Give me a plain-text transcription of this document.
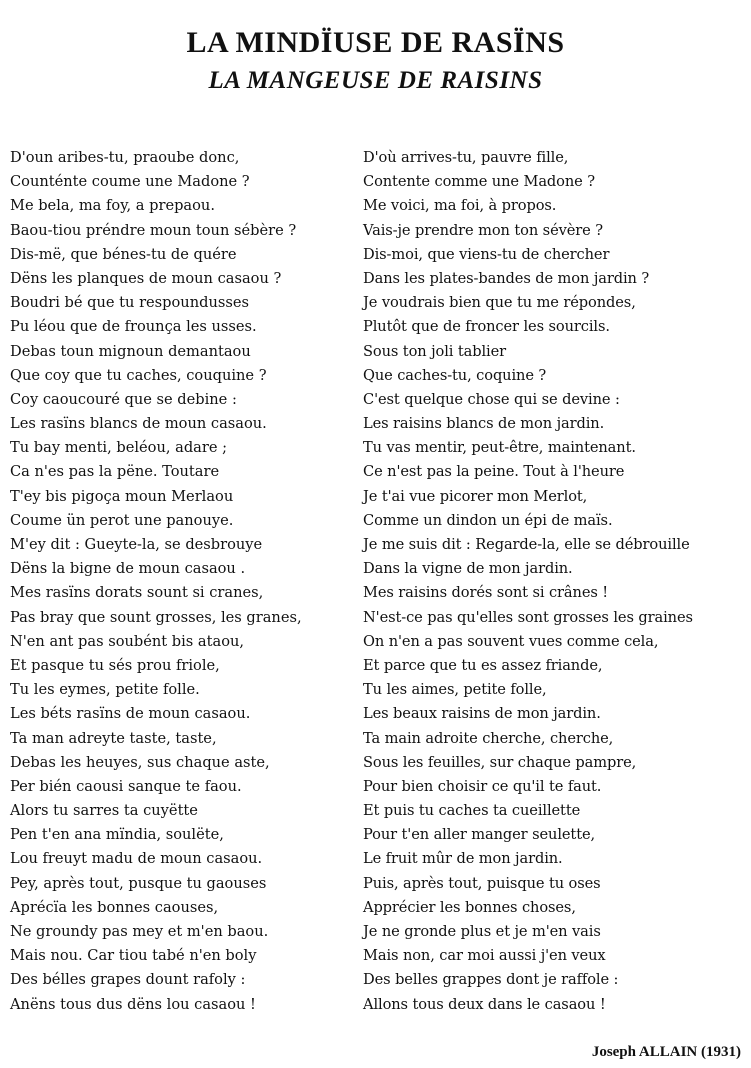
LA MINDÏUSE DE RASÏNS
LA MANGEUSE DE RAISINS
D'oun aribes-tu, praoube donc,
Counténte coume une Madone ?
Me bela, ma foy, a prepaou.
Baou-tiou préndre moun toun sébère ?
Dis-më, que bénes-tu de quére
Dëns les planques de moun casaou ?
Boudri bé que tu respoundusses
Pu léou que de frounça les usses.
Debas toun mignoun demantaou
Que coy que tu caches, couquine ?
Coy caoucouré que se debine :
Les rasïns blancs de moun casaou.
Tu bay menti, beléou, adare ;
Ca n'es pas la pëne. Toutare
T'ey bis pigoça moun Merlaou
Coume ün perot une panouye.
M'ey dit : Gueyte-la, se desbrouye
Dëns la bigne de moun casaou .
Mes rasïns dorats sount si cranes,
Pas bray que sount grosses, les granes,
N'en ant pas soubént bis ataou,
Et pasque tu sés prou friole,
Tu les eymes, petite folle.
Les béts rasïns de moun casaou.
Ta man adreyte taste, taste,
Debas les heuyes, sus chaque aste,
Per bién caousi sanque te faou.
Alors tu sarres ta cuyëtte
Pen t'en ana mïndia, soulëte,
Lou freuyt madu de moun casaou.
Pey, après tout, pusque tu gaouses
Aprécïa les bonnes caouses,
Ne groundy pas mey et m'en baou.
Mais nou. Car tiou tabé n'en boly
Des bélles grapes dount rafoly :
Anëns tous dus dëns lou casaou !
D'où arrives-tu, pauvre fille,
Contente comme une Madone ?
Me voici, ma foi, à propos.
Vais-je prendre mon ton sévère ?
Dis-moi, que viens-tu de chercher
Dans les plates-bandes de mon jardin ?
Je voudrais bien que tu me répondes,
Plutôt que de froncer les sourcils.
Sous ton joli tablier
Que caches-tu, coquine ?
C'est quelque chose qui se devine :
Les raisins blancs de mon jardin.
Tu vas mentir, peut-être, maintenant.
Ce n'est pas la peine. Tout à l'heure
Je t'ai vue picorer mon Merlot,
Comme un dindon un épi de maïs.
Je me suis dit : Regarde-la, elle se débrouille
Dans la vigne de mon jardin.
Mes raisins dorés sont si crânes !
N'est-ce pas qu'elles sont grosses les graines
On n'en a pas souvent vues comme cela,
Et parce que tu es assez friande,
Tu les aimes, petite folle,
Les beaux raisins de mon jardin.
Ta main adroite cherche, cherche,
Sous les feuilles, sur chaque pampre,
Pour bien choisir ce qu'il te faut.
Et puis tu caches ta cueillette
Pour t'en aller manger seulette,
Le fruit mûr de mon jardin.
Puis, après tout, puisque tu oses
Apprécier les bonnes choses,
Je ne gronde plus et je m'en vais
Mais non, car moi aussi j'en veux
Des belles grappes dont je raffole :
Allons tous deux dans le casaou !
Joseph ALLAIN (1931)
